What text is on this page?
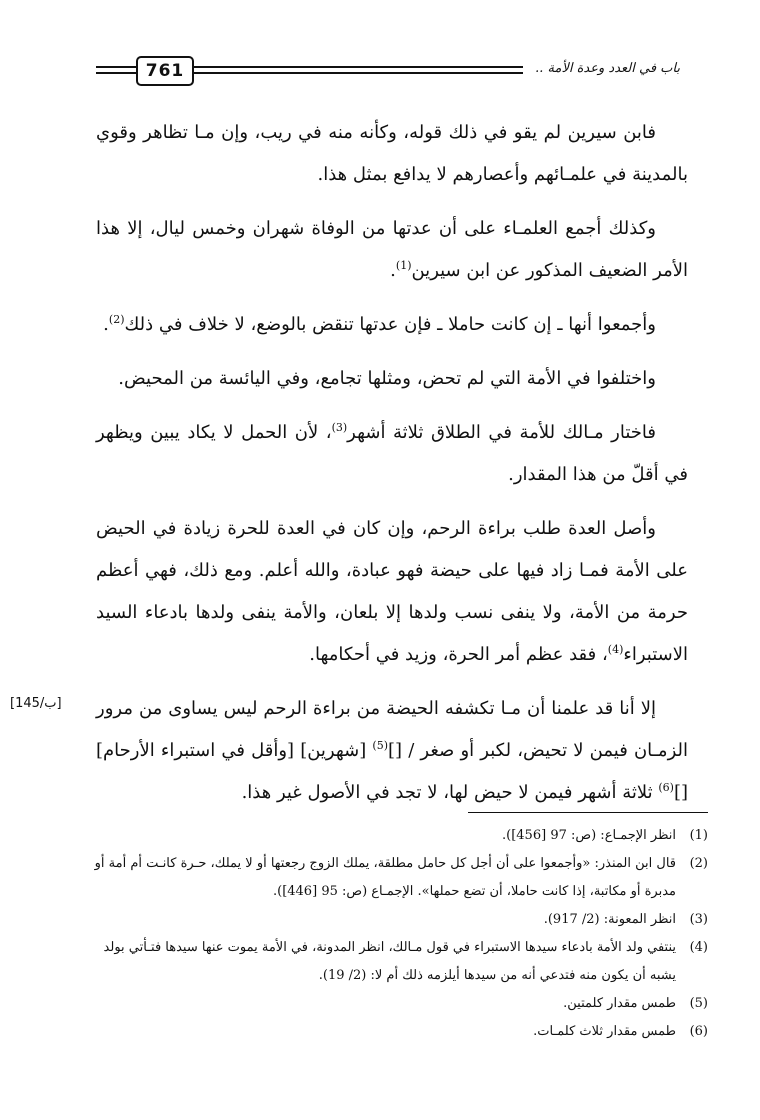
761	باب في العدد وعدة الأمة ..

فابن سيرين لم يقو في ذلك قوله، وكأنه منه في ريب، وإن مـا تظاهر وقوي بالمدينة في علمـائهم وأعصارهم لا يدافع بمثل هذا.

وكذلك أجمع العلمـاء على أن عدتها من الوفاة شهران وخمس ليال، إلا هذا الأمر الضعيف المذكور عن ابن سيرين$^{(1)}$.

وأجمعوا أنها ـ إن كانت حاملا ـ فإن عدتها تنقض بالوضع، لا خلاف في ذلك$^{(2)}$.

واختلفوا في الأمة التي لم تحض، ومثلها تجامع، وفي اليائسة من المحيض.

فاختار مـالك للأمة في الطلاق ثلاثة أشهر$^{(3)}$، لأن الحمل لا يكاد يبين ويظهر في أقلّ من هذا المقدار.

وأصل العدة طلب براءة الرحم، وإن كان في العدة للحرة زيادة في الحيض على الأمة فمـا زاد فيها على حيضة فهو عبادة، والله أعلم. ومع ذلك، فهي أعظم حرمة من الأمة، ولا ينفى نسب ولدها إلا بلعان، والأمة ينفى ولدها بادعاء السيد الاستبراء$^{(4)}$، فقد عظم أمر الحرة، وزيد في أحكامها.

إلا أنا قد علمنا أن مـا تكشفه الحيضة من براءة الرحم ليس يساوى من مرور الزمـان فيمن لا تحيض، لكبر أو صغر / []$^{(5)}$ [شهرين] [وأقل في استبراء الأرحام] []$^{(6)}$ ثلاثة أشهر فيمن لا حيض لها، لا تجد في الأصول غير هذا.

[145/ب]

(1)
انظر الإجمـاع: (ص: 97 [456]).

(2)
قال ابن المنذر: «وأجمعوا على أن أجل كل حامل مطلقة، يملك الزوج رجعتها أو لا يملك، حـرة كانـت أم أمة أو مدبرة أو مكاتبة، إذا كانت حاملا، أن تضع حملها». الإجمـاع (ص: 95 [446]).

(3)
انظر المعونة: (2/ 917).

(4)
ينتفي ولد الأمة بادعاء سيدها الاستبراء في قول مـالك، انظر المدونة، في الأمة يموت عنها سيدها فتـأتي بولد يشبه أن يكون منه فتدعي أنه من سيدها أيلزمه ذلك أم لا: (2/ 19).

(5)
طمس مقدار كلمتين.

(6)
طمس مقدار ثلاث كلمـات.
